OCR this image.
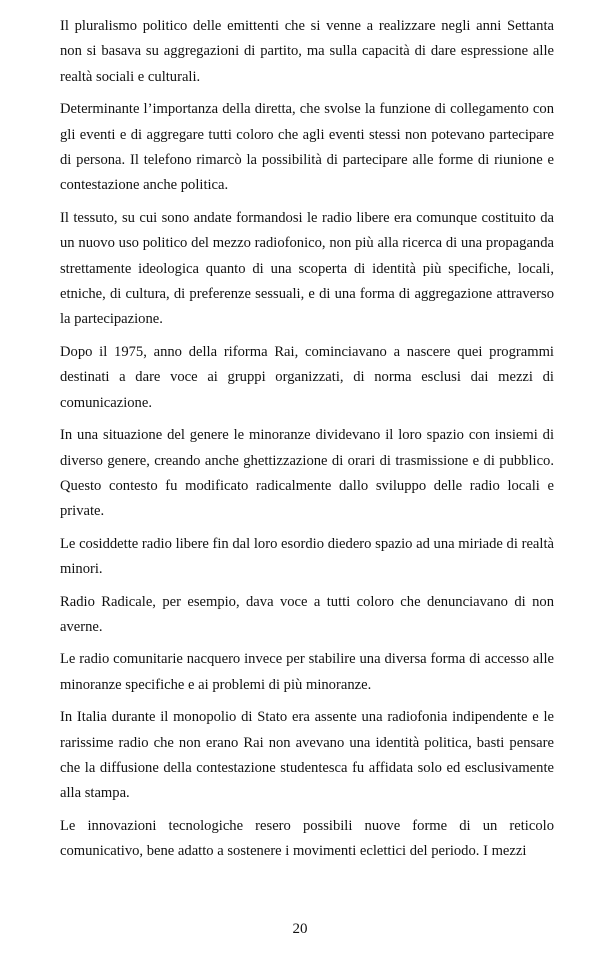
Il pluralismo politico delle emittenti che si venne a realizzare negli anni Settanta non si basava su aggregazioni di partito, ma sulla capacità di dare espressione alle realtà sociali e culturali.

Determinante l’importanza della diretta, che svolse la funzione di collegamento con gli eventi e di aggregare tutti coloro che agli eventi stessi non potevano partecipare di persona. Il telefono rimarcò la possibilità di partecipare alle forme di riunione e contestazione anche politica.

Il tessuto, su cui sono andate formandosi le radio libere era comunque costituito da un nuovo uso politico del mezzo radiofonico, non più alla ricerca di una propaganda strettamente ideologica quanto di una scoperta di identità più specifiche, locali, etniche, di cultura, di preferenze sessuali, e di una forma di aggregazione attraverso la partecipazione.

Dopo il 1975, anno della riforma Rai, cominciavano a nascere quei programmi destinati a dare voce ai gruppi organizzati, di norma esclusi dai mezzi di comunicazione.

In una situazione del genere le minoranze dividevano il loro spazio con insiemi di diverso genere, creando anche ghettizzazione di orari di trasmissione e di pubblico. Questo contesto fu modificato radicalmente dallo sviluppo delle radio locali e private.

Le cosiddette radio libere fin dal loro esordio diedero spazio ad una miriade di realtà minori.

Radio Radicale, per esempio, dava voce a tutti coloro che denunciavano di non averne.

Le radio comunitarie nacquero invece per stabilire una diversa forma di accesso alle minoranze specifiche e ai problemi di più minoranze.

In Italia durante il monopolio di Stato era assente una radiofonia indipendente e le rarissime radio che non erano Rai non avevano una identità politica, basti pensare che la diffusione della contestazione studentesca fu affidata solo ed esclusivamente alla stampa.

Le innovazioni tecnologiche resero possibili nuove forme di un reticolo comunicativo, bene adatto a sostenere i movimenti eclettici del periodo. I mezzi

20
